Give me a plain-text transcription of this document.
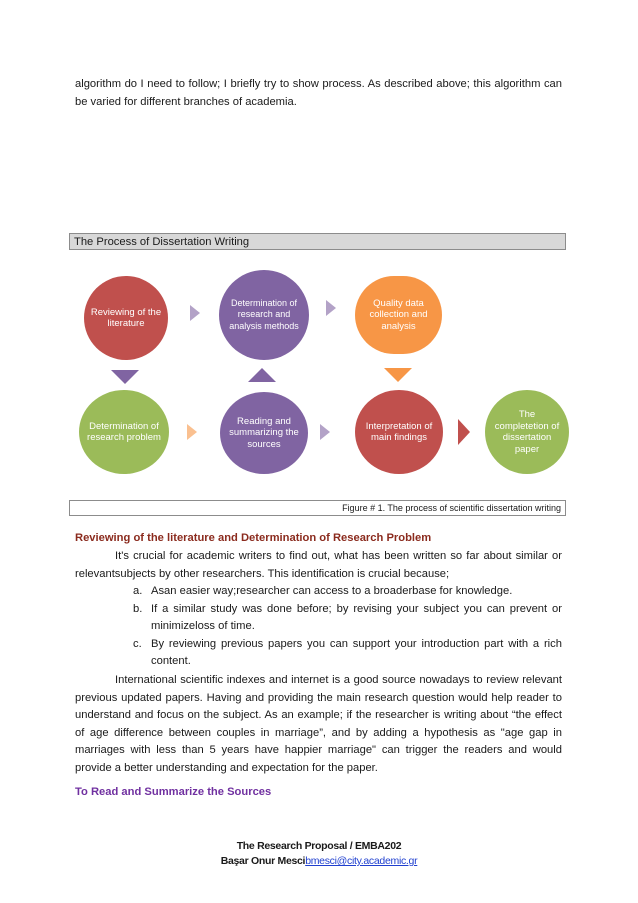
algorithm do I need to follow; I briefly try to show process. As described above; this algorithm can be varied for different branches of academia.

The Process of Dissertation Writing
Reviewing of the literature
Determination of research and analysis methods
Quality data collection and analysis
Determination of research problem
Reading and summarizing the sources
Interpretation of main findings
The completetion of dissertation paper
Figure # 1. The process of scientific dissertation writing

Reviewing of the literature and Determination of Research Problem

It's crucial for academic writers to find out, what has been written so far about similar or relevantsubjects by other researchers. This identification is crucial because;

a. Asan easier way;researcher can access to a broaderbase for knowledge.
b. If a similar study was done before; by revising your subject you can prevent or minimizeloss of time.
c. By reviewing previous papers you can support your introduction part with a rich content.

International scientific indexes and internet is a good source nowadays to review relevant previous updated papers. Having and providing the main research question would help reader to understand and focus on the subject. As an example; if the researcher is writing about “the effect of age difference between couples in marriage”, and by adding a hypothesis as "age gap in marriages with less than 5 years have happier marriage" can trigger the readers and would provide a better understanding and expectation for the paper.

To Read and Summarize the Sources

The Research Proposal / EMBA202
Başar Onur Mescibmesci@city.academic.gr
